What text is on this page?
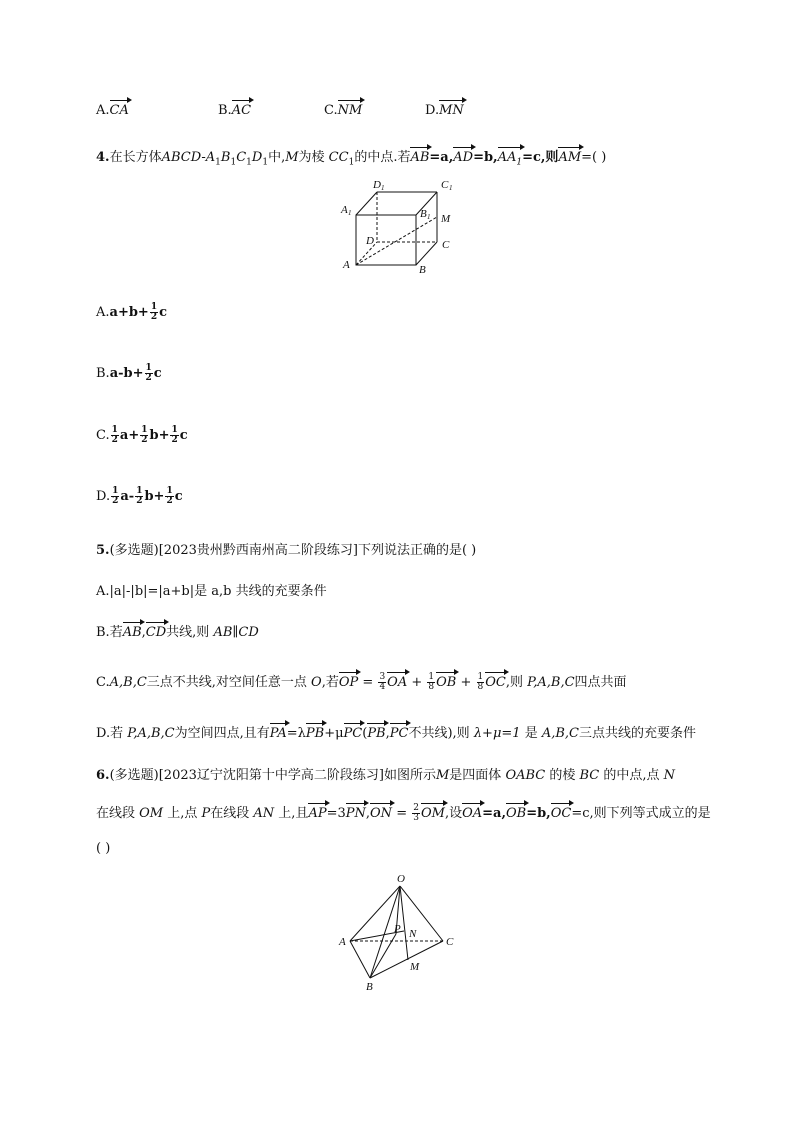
A.CA	B.AC	C.NM	D.MN
4.在长方体ABCD-$A_1B_1C_1D_1$中,M为棱 $CC_1$的中点.若$AB=a,AD=b,AA_1=c$,则AM=( )
D 1	C 1
A 1	B 1 M
D	C
A	B
$A.a+b+ \frac{1}{2}$ c
$B.a-b+ \frac{1}{2}$ c
C. $\frac{1}{2} a+ \frac{1}{2} b+ \frac{1}{2}$ c
D. $\frac{1}{2} a- \frac{1}{2} b+ \frac{1}{2}$ c
5.(多选题)[2023贵州黔西南州高二阶段练习]下列说法正确的是( )
A.|a|-|b|=|a+b|是 a,b 共线的充要条件
B.若AB,CD共线,则 AB∥CD
C.A,B,C三点不共线,对空间任意一点 O,若OP = $\frac{3}{4}$ OA + $\frac{1}{8}$ OB + $\frac{1}{8}$ OC,则 P,A,B,C四点共面
D.若 P,A,B,C为空间四点,且有PA=λPB+μPC(PB,PC不共线),则 λ+μ=1 是 A,B,C三点共线的充要条件
6.(多选题)[2023辽宁沈阳第十中学高二阶段练习]如图所示M是四面体 OABC 的棱 BC 的中点,点 N
在线段 OM 上,点 P在线段 AN 上,且$AP=3PN,ON = \frac{2}{3}$ OM,设OA=a,OB=b,OC=c,则下列等式成立的是
( )
O
A	C
B
P N
M
